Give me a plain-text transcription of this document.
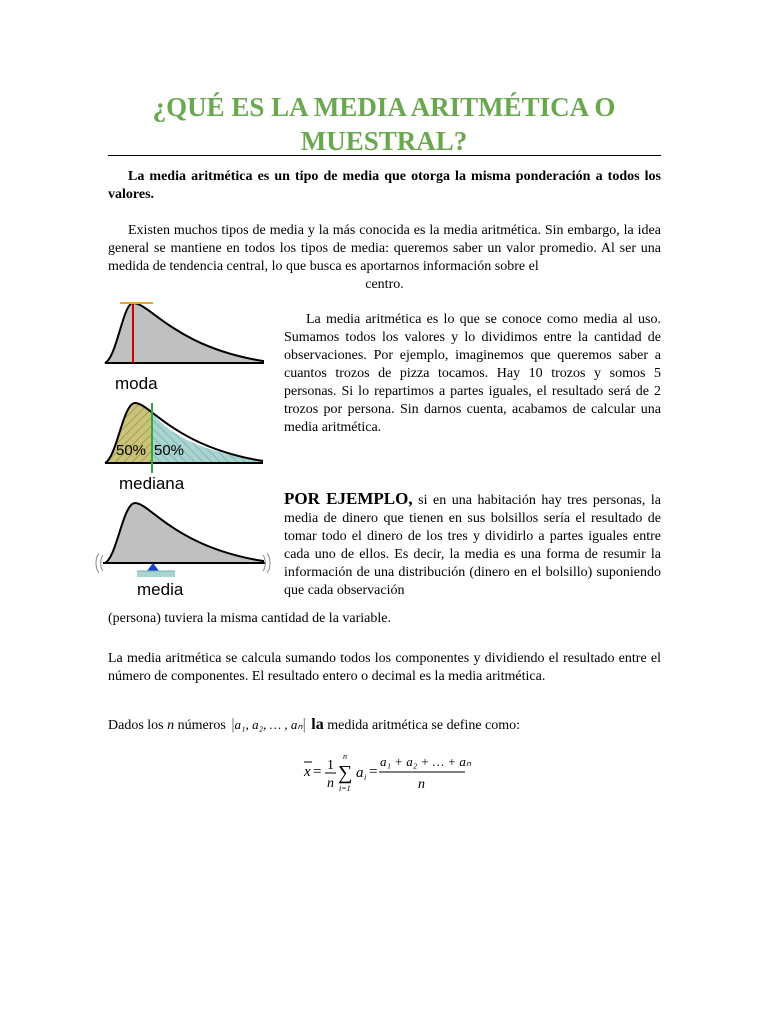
¿QUÉ ES LA MEDIA ARITMÉTICA O MUESTRAL?

La media aritmética es un tipo de media que otorga la misma ponderación a todos los valores.

Existen muchos tipos de media y la más conocida es la media aritmética. Sin embargo, la idea general se mantiene en todos los tipos de media: queremos saber un valor promedio. Al ser una medida de tendencia central, lo que busca es aportarnos información sobre el

centro.

moda
50% 50%
mediana
media

La media aritmética es lo que se conoce como media al uso. Sumamos todos los valores y lo dividimos entre la cantidad de observaciones. Por ejemplo, imaginemos que queremos saber a cuantos trozos de pizza tocamos. Hay 10 trozos y somos 5 personas. Si lo repartimos a partes iguales, el resultado será de 2 trozos por persona. Sin darnos cuenta, acabamos de calcular una media aritmética.

POR EJEMPLO, si en una habitación hay tres personas, la media de dinero que tienen en sus bolsillos sería el resultado de tomar todo el dinero de los tres y dividirlo a partes iguales entre cada uno de ellos. Es decir, la media es una forma de resumir la información de una distribución (dinero en el bolsillo) suponiendo que cada observación

(persona) tuviera la misma cantidad de la variable.

La media aritmética se calcula sumando todos los componentes y dividiendo el resultado entre el número de componentes. El resultado entero o decimal es la media aritmética.

Dados los n números |a₁, a₂, … , aₙ| la medida aritmética se define como:

x = 1
n ∑
n
i=1
a i =
a₁ + a₂ + … + aₙ
n
